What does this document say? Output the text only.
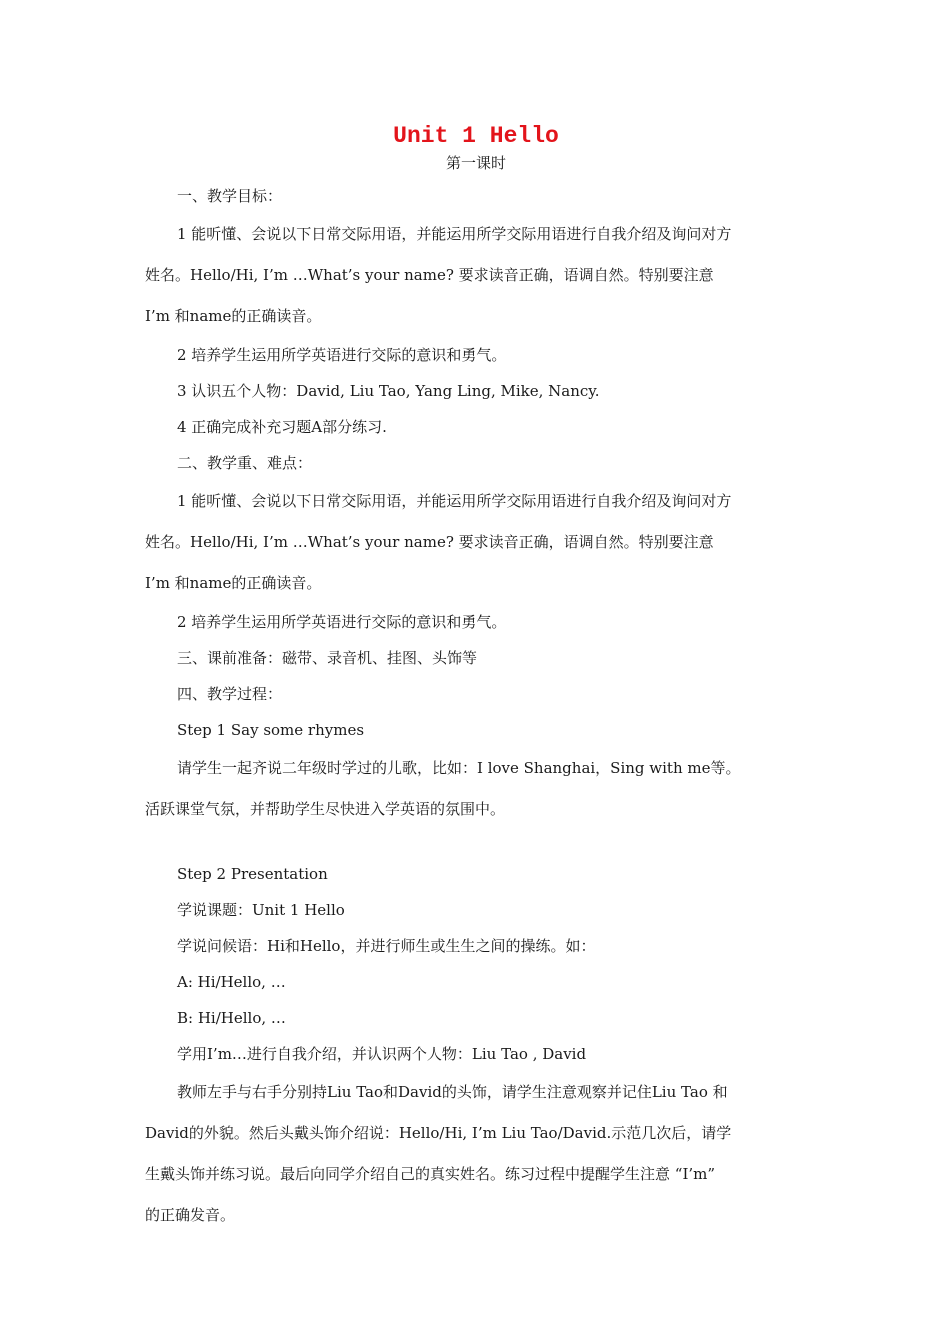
Unit 1 Hello
第一课时
一、教学目标：
1 能听懂、会说以下日常交际用语，并能运用所学交际用语进行自我介绍及询问对方
姓名。Hello/Hi, I’m …What’s your name? 要求读音正确，语调自然。特别要注意
I’m 和name的正确读音。
2 培养学生运用所学英语进行交际的意识和勇气。
3 认识五个人物：David, Liu Tao, Yang Ling, Mike, Nancy.
4 正确完成补充习题A部分练习.
二、教学重、难点：
1 能听懂、会说以下日常交际用语，并能运用所学交际用语进行自我介绍及询问对方
姓名。Hello/Hi, I’m …What’s your name? 要求读音正确，语调自然。特别要注意
I’m 和name的正确读音。
2 培养学生运用所学英语进行交际的意识和勇气。
三、课前准备：磁带、录音机、挂图、头饰等
四、教学过程：
Step 1 Say some rhymes
请学生一起齐说二年级时学过的儿歌，比如：I love Shanghai，Sing with me等。
活跃课堂气氛，并帮助学生尽快进入学英语的氛围中。
Step 2 Presentation
学说课题：Unit 1 Hello
学说问候语：Hi和Hello，并进行师生或生生之间的操练。如：
A: Hi/Hello, …
B: Hi/Hello, …
学用I’m…进行自我介绍，并认识两个人物：Liu Tao , David
教师左手与右手分别持Liu Tao和David的头饰，请学生注意观察并记住Liu Tao 和
David的外貌。然后头戴头饰介绍说：Hello/Hi, I’m Liu Tao/David.示范几次后，请学
生戴头饰并练习说。最后向同学介绍自己的真实姓名。练习过程中提醒学生注意 “I’m”
的正确发音。
